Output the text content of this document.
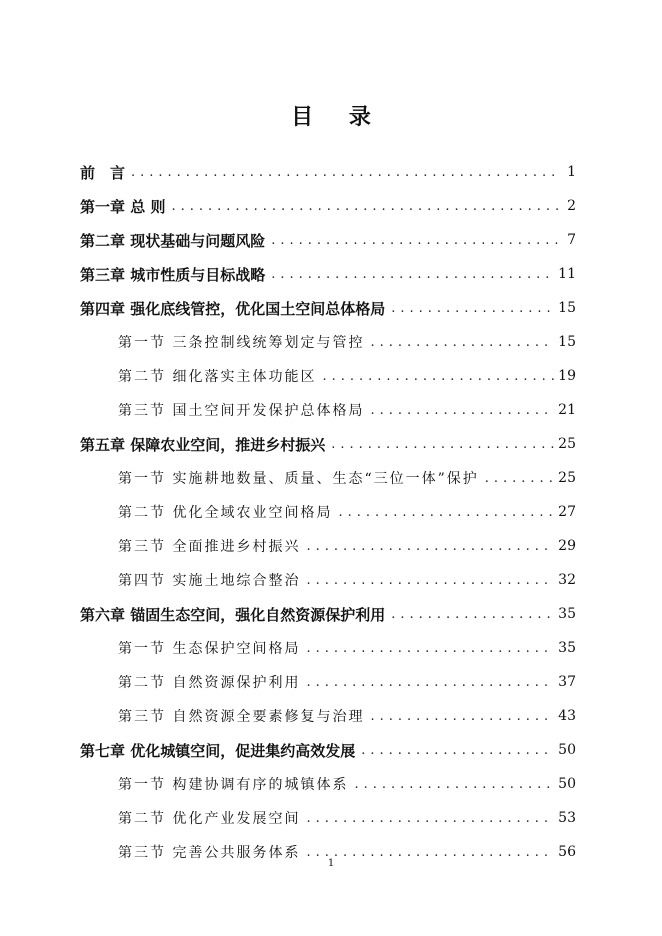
目 录
前　言 .....	1
第一章 总 则 .....	2
第二章 现状基础与问题风险 .....	7
第三章 城市性质与目标战略 .....	11
第四章 强化底线管控，优化国土空间总体格局 .....	15
第一节 三条控制线统筹划定与管控 .....	15
第二节 细化落实主体功能区 .....	19
第三节 国土空间开发保护总体格局 .....	21
第五章 保障农业空间，推进乡村振兴 .....	25
第一节 实施耕地数量、质量、生态“三位一体”保护 .....	25
第二节 优化全域农业空间格局 .....	27
第三节 全面推进乡村振兴 .....	29
第四节 实施土地综合整治 .....	32
第六章 锚固生态空间，强化自然资源保护利用 .....	35
第一节 生态保护空间格局 .....	35
第二节 自然资源保护利用 .....	37
第三节 自然资源全要素修复与治理 .....	43
第七章 优化城镇空间，促进集约高效发展 .....	50
第一节 构建协调有序的城镇体系 .....	50
第二节 优化产业发展空间 .....	53
第三节 完善公共服务体系 .....	56
1
